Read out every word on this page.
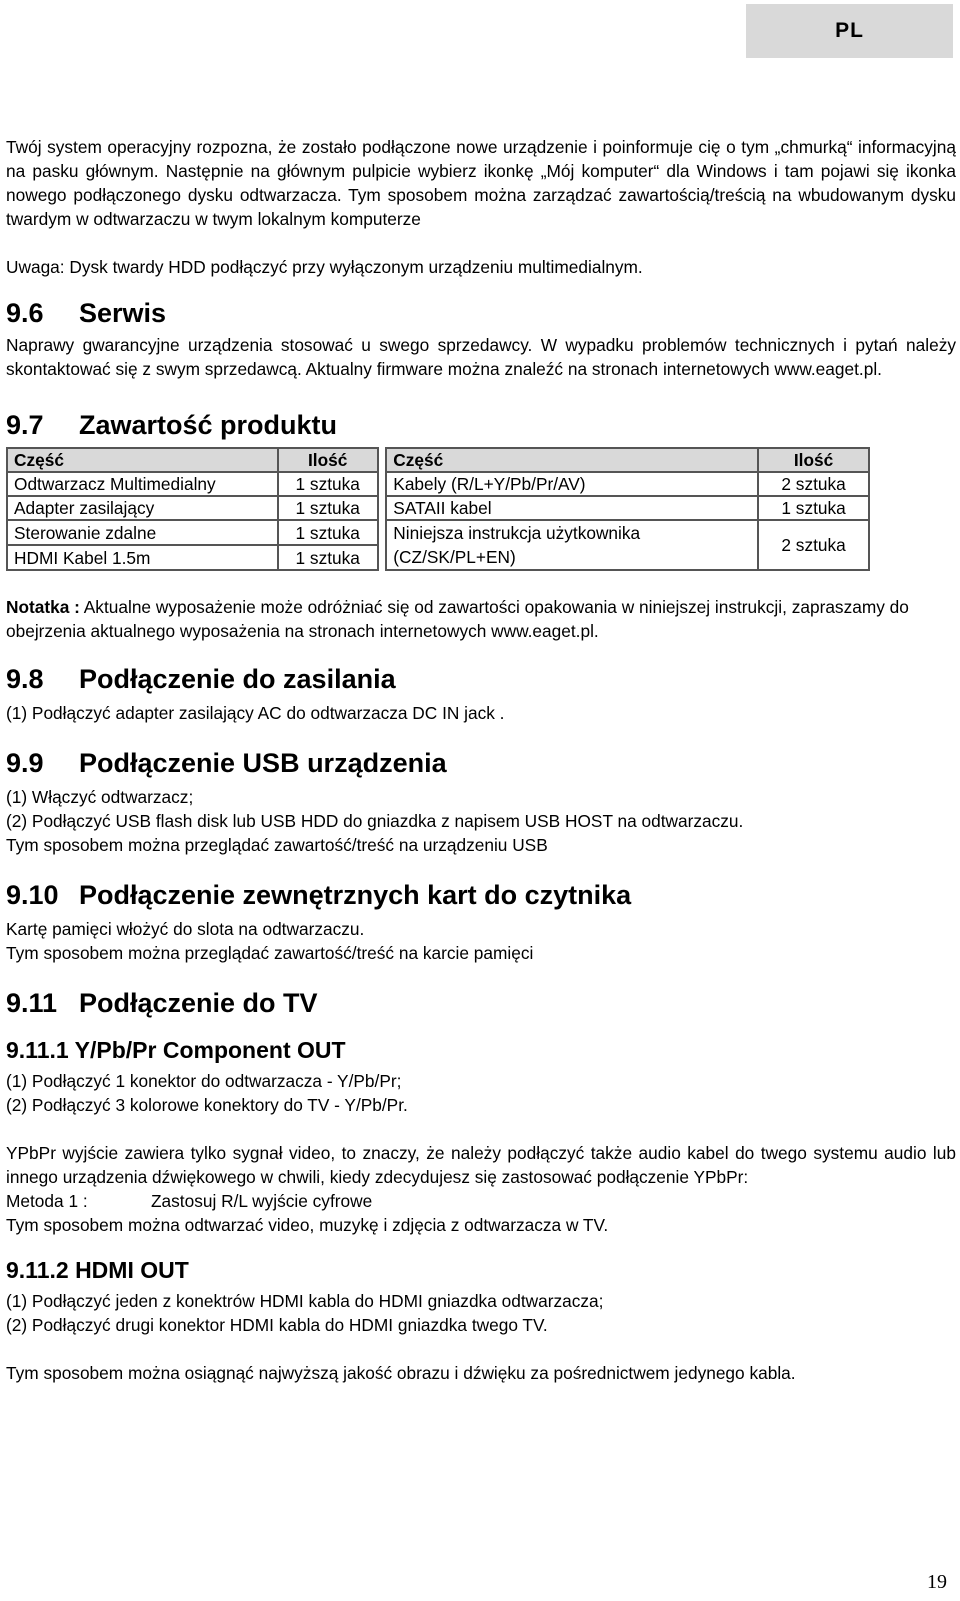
PL

Twój system operacyjny rozpozna, że zostało podłączone nowe urządzenie i poinformuje cię o tym „chmurką“ informacyjną na pasku głównym. Następnie na głównym pulpicie wybierz ikonkę „Mój komputer“ dla Windows i tam pojawi się ikonka nowego podłączonego dysku odtwarzacza. Tym sposobem można zarządzać zawartością/treścią na wbudowanym dysku twardym w odtwarzaczu w twym lokalnym komputerze

Uwaga: Dysk twardy HDD podłączyć przy wyłączonym urządzeniu multimedialnym.

9.6	Serwis

Naprawy gwarancyjne urządzenia stosować u swego sprzedawcy. W wypadku problemów technicznych i pytań należy skontaktować się z swym sprzedawcą. Aktualny firmware można znaleźć na stronach internetowych www.eaget.pl.

9.7	Zawartość produktu
Część	Ilość		Część	Ilość
Odtwarzacz Multimedialny	1 sztuka		Kabely (R/L+Y/Pb/Pr/AV)	2 sztuka
Adapter zasilający	1 sztuka		SATAII kabel	1 sztuka
Sterowanie zdalne	1 sztuka		Niniejsza instrukcja użytkownika (CZ/SK/PL+EN)	2 sztuka
HDMI Kabel 1.5m	1 sztuka			

Notatka : Aktualne wyposażenie może odróżniać się od zawartości opakowania w niniejszej instrukcji, zapraszamy do obejrzenia aktualnego wyposażenia na stronach internetowych www.eaget.pl.

9.8	Podłączenie do zasilania

(1) Podłączyć adapter zasilający AC do odtwarzacza DC IN jack .

9.9	Podłączenie USB urządzenia

(1) Włączyć odtwarzacz;

(2) Podłączyć USB flash disk lub USB HDD do gniazdka z napisem USB HOST na odtwarzaczu.

Tym sposobem można przeglądać zawartość/treść na urządzeniu USB

9.10 Podłączenie zewnętrznych kart do czytnika

Kartę pamięci włożyć do slota na odtwarzaczu.

Tym sposobem można przeglądać zawartość/treść na karcie pamięci

9.11 Podłączenie do TV
9.11.1 Y/Pb/Pr Component OUT

(1) Podłączyć 1 konektor do odtwarzacza - Y/Pb/Pr;

(2) Podłączyć 3 kolorowe konektory do TV - Y/Pb/Pr.

YPbPr wyjście zawiera tylko sygnał video, to znaczy, że należy podłączyć także audio kabel do twego systemu audio lub innego urządzenia dźwiękowego w chwili, kiedy zdecydujesz się zastosować podłączenie YPbPr:

Metoda 1 :	Zastosuj R/L wyjście cyfrowe

Tym sposobem można odtwarzać video, muzykę i zdjęcia z odtwarzacza w TV.

9.11.2 HDMI OUT

(1) Podłączyć jeden z konektrów HDMI kabla do HDMI gniazdka odtwarzacza;

(2) Podłączyć drugi konektor HDMI kabla do HDMI gniazdka twego TV.

Tym sposobem można osiągnąć najwyższą jakość obrazu i dźwięku za pośrednictwem jedynego kabla.

19
